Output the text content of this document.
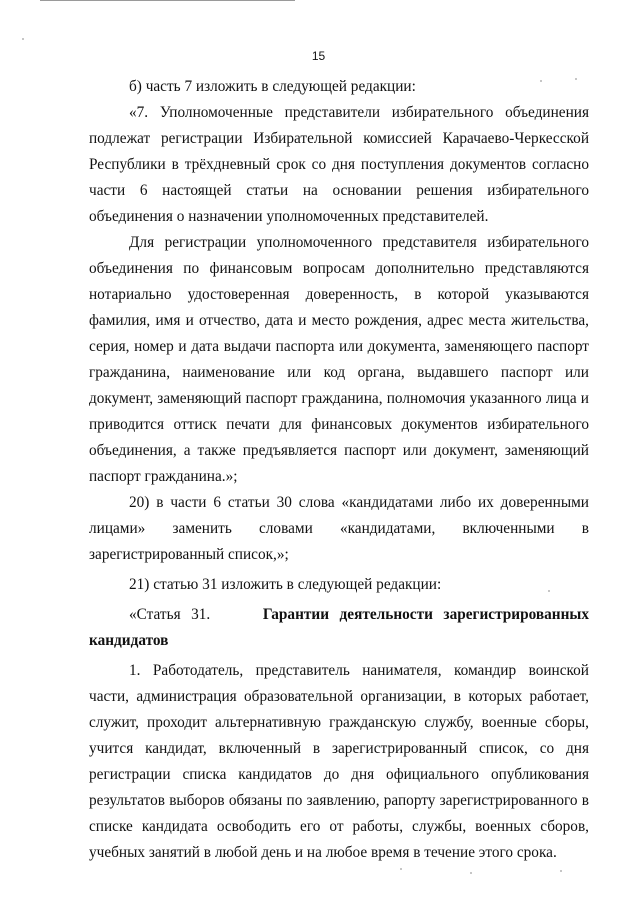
15

б) часть 7 изложить в следующей редакции:

«7. Уполномоченные представители избирательного объединения подлежат регистрации Избирательной комиссией Карачаево-Черкесской Республики в трёхдневный срок со дня поступления документов согласно части 6 настоящей статьи на основании решения избирательного объединения о назначении уполномоченных представителей.

Для регистрации уполномоченного представителя избирательного объединения по финансовым вопросам дополнительно представляются нотариально удостоверенная доверенность, в которой указываются фамилия, имя и отчество, дата и место рождения, адрес места жительства, серия, номер и дата выдачи паспорта или документа, заменяющего паспорт гражданина, наименование или код органа, выдавшего паспорт или документ, заменяющий паспорт гражданина, полномочия указанного лица и приводится оттиск печати для финансовых документов избирательного объединения, а также предъявляется паспорт или документ, заменяющий паспорт гражданина.»;

20) в части 6 статьи 30 слова «кандидатами либо их доверенными лицами» заменить словами «кандидатами, включенными в зарегистрированный список,»;

21) статью 31 изложить в следующей редакции:

«Статья 31.	Гарантии деятельности зарегистрированных кандидатов

1. Работодатель, представитель нанимателя, командир воинской части, администрация образовательной организации, в которых работает, служит, проходит альтернативную гражданскую службу, военные сборы, учится кандидат, включенный в зарегистрированный список, со дня регистрации списка кандидатов до дня официального опубликования результатов выборов обязаны по заявлению, рапорту зарегистрированного в списке кандидата освободить его от работы, службы, военных сборов, учебных занятий в любой день и на любое время в течение этого срока.
